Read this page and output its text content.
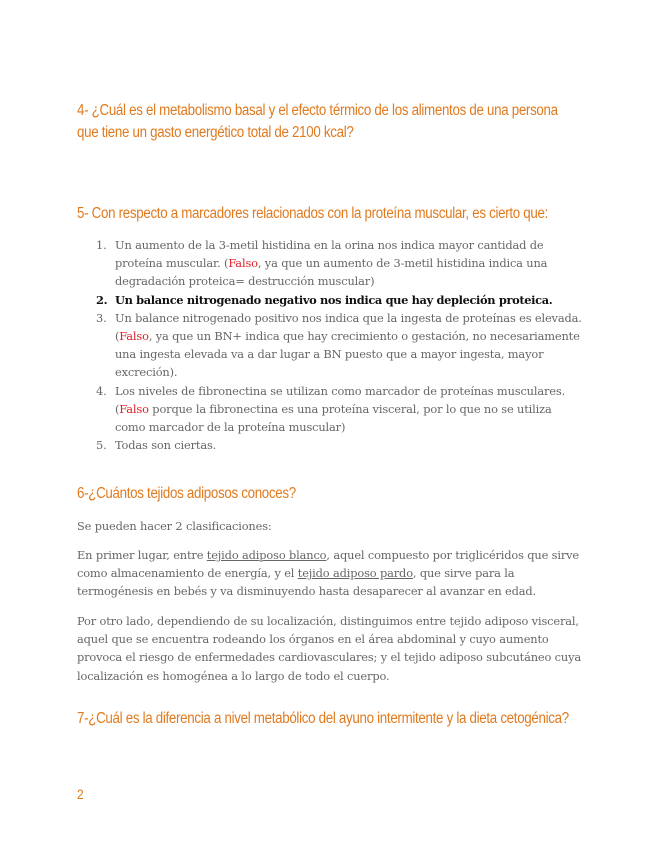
4- ¿Cuál es el metabolismo basal y el efecto térmico de los alimentos de una persona que tiene un gasto energético total de 2100 kcal?
5- Con respecto a marcadores relacionados con la proteína muscular, es cierto que:
1. Un aumento de la 3-metil histidina en la orina nos indica mayor cantidad de proteína muscular. (Falso, ya que un aumento de 3-metil histidina indica una degradación proteica= destrucción muscular)
2. Un balance nitrogenado negativo nos indica que hay depleción proteica.
3. Un balance nitrogenado positivo nos indica que la ingesta de proteínas es elevada. (Falso, ya que un BN+ indica que hay crecimiento o gestación, no necesariamente una ingesta elevada va a dar lugar a BN puesto que a mayor ingesta, mayor excreción).
4. Los niveles de fibronectina se utilizan como marcador de proteínas musculares. (Falso porque la fibronectina es una proteína visceral, por lo que no se utiliza como marcador de la proteína muscular)
5. Todas son ciertas.
6-¿Cuántos tejidos adiposos conoces?

Se pueden hacer 2 clasificaciones:

En primer lugar, entre tejido adiposo blanco, aquel compuesto por triglicéridos que sirve como almacenamiento de energía, y el tejido adiposo pardo, que sirve para la termogénesis en bebés y va disminuyendo hasta desaparecer al avanzar en edad.

Por otro lado, dependiendo de su localización, distinguimos entre tejido adiposo visceral, aquel que se encuentra rodeando los órganos en el área abdominal y cuyo aumento provoca el riesgo de enfermedades cardiovasculares; y el tejido adiposo subcutáneo cuya localización es homogénea a lo largo de todo el cuerpo.

7-¿Cuál es la diferencia a nivel metabólico del ayuno intermitente y la dieta cetogénica?
2
